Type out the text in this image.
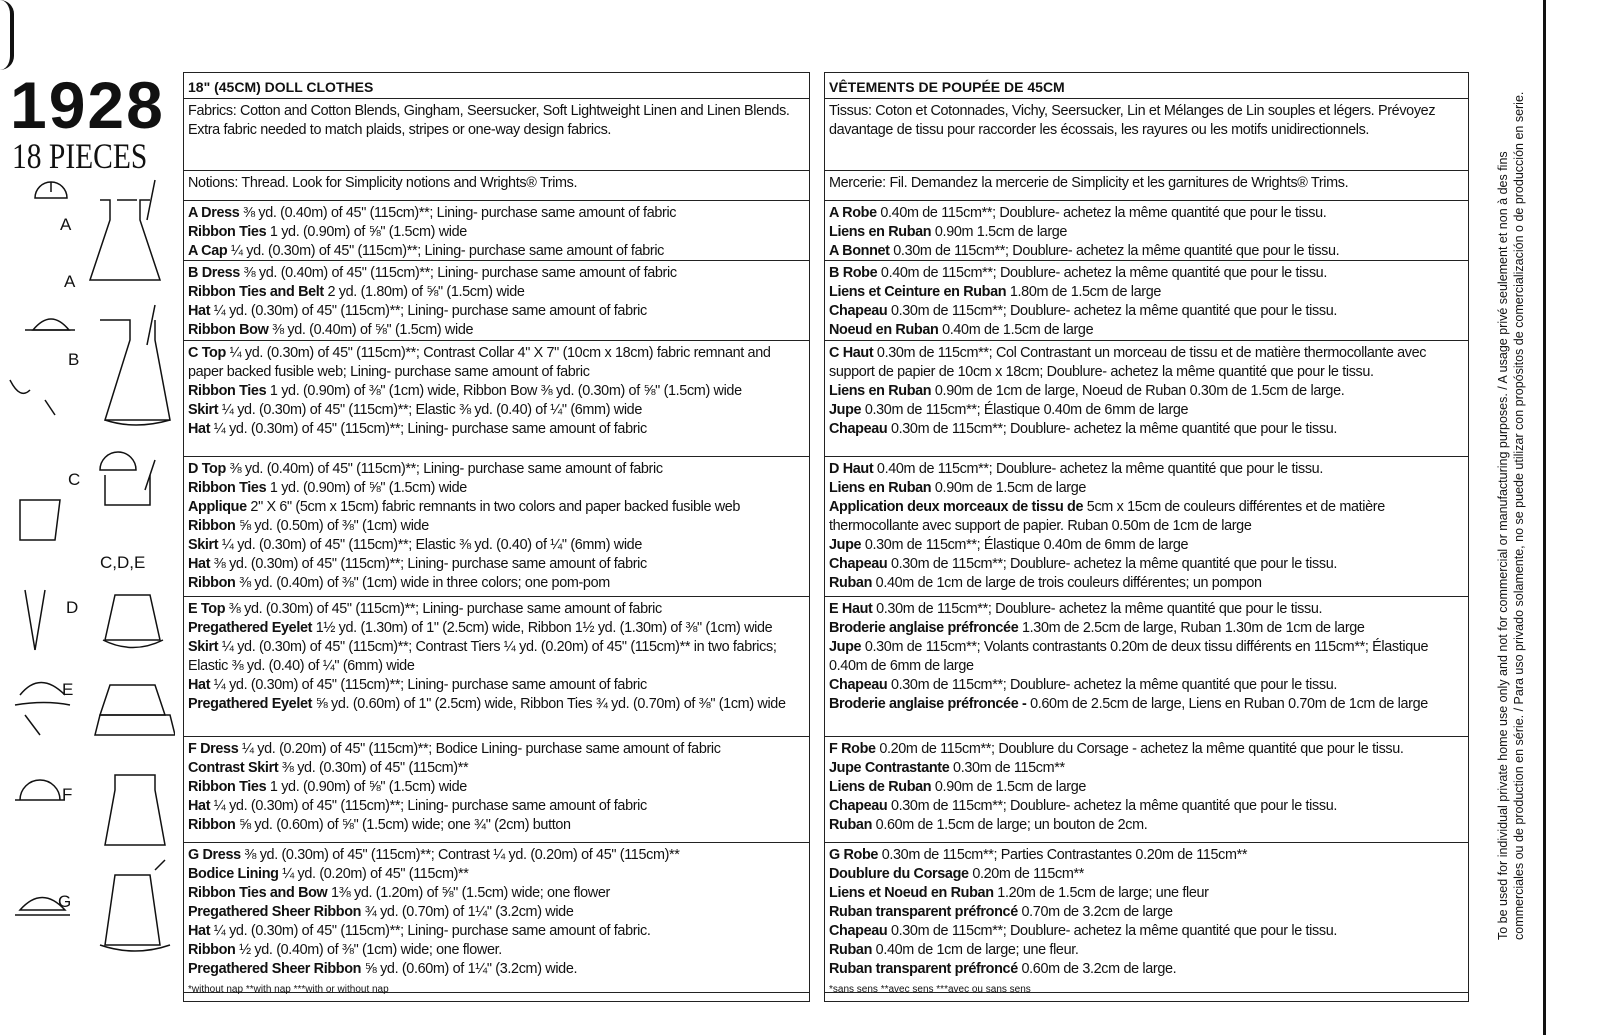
1928
18 PIECES
A
A
B
C
C,D,E
D
E
F
G
18" (45CM) DOLL CLOTHES

Fabrics: Cotton and Cotton Blends, Gingham, Seersucker, Soft Lightweight Linen and Linen Blends. Extra fabric needed to match plaids, stripes or one-way design fabrics.

Notions: Thread. Look for Simplicity notions and Wrights® Trims.

A Dress ⅜ yd. (0.40m) of 45" (115cm)**; Lining- purchase same amount of fabric

Ribbon Ties 1 yd. (0.90m) of ⅝" (1.5cm) wide

A Cap ¼ yd. (0.30m) of 45" (115cm)**; Lining- purchase same amount of fabric

B Dress ⅜ yd. (0.40m) of 45" (115cm)**; Lining- purchase same amount of fabric

Ribbon Ties and Belt 2 yd. (1.80m) of ⅝" (1.5cm) wide

Hat ¼ yd. (0.30m) of 45" (115cm)**; Lining- purchase same amount of fabric

Ribbon Bow ⅜ yd. (0.40m) of ⅝" (1.5cm) wide

C Top ¼ yd. (0.30m) of 45" (115cm)**; Contrast Collar 4" X 7" (10cm x 18cm) fabric remnant and paper backed fusible web; Lining- purchase same amount of fabric

Ribbon Ties 1 yd. (0.90m) of ⅜" (1cm) wide, Ribbon Bow ⅜ yd. (0.30m) of ⅝" (1.5cm) wide

Skirt ¼ yd. (0.30m) of 45" (115cm)**; Elastic ⅜ yd. (0.40) of ¼" (6mm) wide

Hat ¼ yd. (0.30m) of 45" (115cm)**; Lining- purchase same amount of fabric

D Top ⅜ yd. (0.40m) of 45" (115cm)**; Lining- purchase same amount of fabric

Ribbon Ties 1 yd. (0.90m) of ⅝" (1.5cm) wide

Applique 2" X 6" (5cm x 15cm) fabric remnants in two colors and paper backed fusible web

Ribbon ⅝ yd. (0.50m) of ⅜" (1cm) wide

Skirt ¼ yd. (0.30m) of 45" (115cm)**; Elastic ⅜ yd. (0.40) of ¼" (6mm) wide

Hat ⅜ yd. (0.30m) of 45" (115cm)**; Lining- purchase same amount of fabric

Ribbon ⅜ yd. (0.40m) of ⅜" (1cm) wide in three colors; one pom-pom

E Top ⅜ yd. (0.30m) of 45" (115cm)**; Lining- purchase same amount of fabric

Pregathered Eyelet 1½ yd. (1.30m) of 1" (2.5cm) wide, Ribbon 1½ yd. (1.30m) of ⅜" (1cm) wide

Skirt ¼ yd. (0.30m) of 45" (115cm)**; Contrast Tiers ¼ yd. (0.20m) of 45" (115cm)** in two fabrics; Elastic ⅜ yd. (0.40) of ¼" (6mm) wide

Hat ¼ yd. (0.30m) of 45" (115cm)**; Lining- purchase same amount of fabric

Pregathered Eyelet ⅝ yd. (0.60m) of 1" (2.5cm) wide, Ribbon Ties ¾ yd. (0.70m) of ⅜" (1cm) wide

F Dress ¼ yd. (0.20m) of 45" (115cm)**; Bodice Lining- purchase same amount of fabric

Contrast Skirt ⅜ yd. (0.30m) of 45" (115cm)**

Ribbon Ties 1 yd. (0.90m) of ⅝" (1.5cm) wide

Hat ¼ yd. (0.30m) of 45" (115cm)**; Lining- purchase same amount of fabric

Ribbon ⅝ yd. (0.60m) of ⅝" (1.5cm) wide; one ¾" (2cm) button

G Dress ⅜ yd. (0.30m) of 45" (115cm)**; Contrast ¼ yd. (0.20m) of 45" (115cm)**

Bodice Lining ¼ yd. (0.20m) of 45" (115cm)**

Ribbon Ties and Bow 1⅜ yd. (1.20m) of ⅝" (1.5cm) wide; one flower

Pregathered Sheer Ribbon ¾ yd. (0.70m) of 1¼" (3.2cm) wide

Hat ¼ yd. (0.30m) of 45" (115cm)**; Lining- purchase same amount of fabric.

Ribbon ½ yd. (0.40m) of ⅜" (1cm) wide; one flower.

Pregathered Sheer Ribbon ⅝ yd. (0.60m) of 1¼" (3.2cm) wide.

*without nap **with nap ***with or without nap
VÊTEMENTS DE POUPÉE DE 45CM

Tissus: Coton et Cotonnades, Vichy, Seersucker, Lin et Mélanges de Lin souples et légers. Prévoyez davantage de tissu pour raccorder les écossais, les rayures ou les motifs unidirectionnels.

Mercerie: Fil. Demandez la mercerie de Simplicity et les garnitures de Wrights® Trims.

A Robe 0.40m de 115cm**; Doublure- achetez la même quantité que pour le tissu.

Liens en Ruban 0.90m 1.5cm de large

A Bonnet 0.30m de 115cm**; Doublure- achetez la même quantité que pour le tissu.

B Robe 0.40m de 115cm**; Doublure- achetez la même quantité que pour le tissu.

Liens et Ceinture en Ruban 1.80m de 1.5cm de large

Chapeau 0.30m de 115cm**; Doublure- achetez la même quantité que pour le tissu.

Noeud en Ruban 0.40m de 1.5cm de large

C Haut 0.30m de 115cm**; Col Contrastant un morceau de tissu et de matière thermocollante avec support de papier de 10cm x 18cm; Doublure- achetez la même quantité que pour le tissu.

Liens en Ruban 0.90m de 1cm de large, Noeud de Ruban 0.30m de 1.5cm de large.

Jupe 0.30m de 115cm**; Élastique 0.40m de 6mm de large

Chapeau 0.30m de 115cm**; Doublure- achetez la même quantité que pour le tissu.

D Haut 0.40m de 115cm**; Doublure- achetez la même quantité que pour le tissu.

Liens en Ruban 0.90m de 1.5cm de large

Application deux morceaux de tissu de 5cm x 15cm de couleurs différentes et de matière thermocollante avec support de papier. Ruban 0.50m de 1cm de large

Jupe 0.30m de 115cm**; Élastique 0.40m de 6mm de large

Chapeau 0.30m de 115cm**; Doublure- achetez la même quantité que pour le tissu.

Ruban 0.40m de 1cm de large de trois couleurs différentes; un pompon

E Haut 0.30m de 115cm**; Doublure- achetez la même quantité que pour le tissu.

Broderie anglaise préfroncée 1.30m de 2.5cm de large, Ruban 1.30m de 1cm de large

Jupe 0.30m de 115cm**; Volants contrastants 0.20m de deux tissu différents en 115cm**; Élastique 0.40m de 6mm de large

Chapeau 0.30m de 115cm**; Doublure- achetez la même quantité que pour le tissu.

Broderie anglaise préfroncée - 0.60m de 2.5cm de large, Liens en Ruban 0.70m de 1cm de large

F Robe 0.20m de 115cm**; Doublure du Corsage - achetez la même quantité que pour le tissu.

Jupe Contrastante 0.30m de 115cm**

Liens de Ruban 0.90m de 1.5cm de large

Chapeau 0.30m de 115cm**; Doublure- achetez la même quantité que pour le tissu.

Ruban 0.60m de 1.5cm de large; un bouton de 2cm.

G Robe 0.30m de 115cm**; Parties Contrastantes 0.20m de 115cm**

Doublure du Corsage 0.20m de 115cm**

Liens et Noeud en Ruban 1.20m de 1.5cm de large; une fleur

Ruban transparent préfroncé 0.70m de 3.2cm de large

Chapeau 0.30m de 115cm**; Doublure- achetez la même quantité que pour le tissu.

Ruban 0.40m de 1cm de large; une fleur.

Ruban transparent préfroncé 0.60m de 3.2cm de large.

*sans sens **avec sens ***avec ou sans sens
To be used for individual private home use only and not for commercial or manufacturing purposes. / A usage privé seulement et non à des fins commerciales ou de production en série. / Para uso privado solamente, no se puede utilizar con propósitos de comercialización o de producción en serie.
